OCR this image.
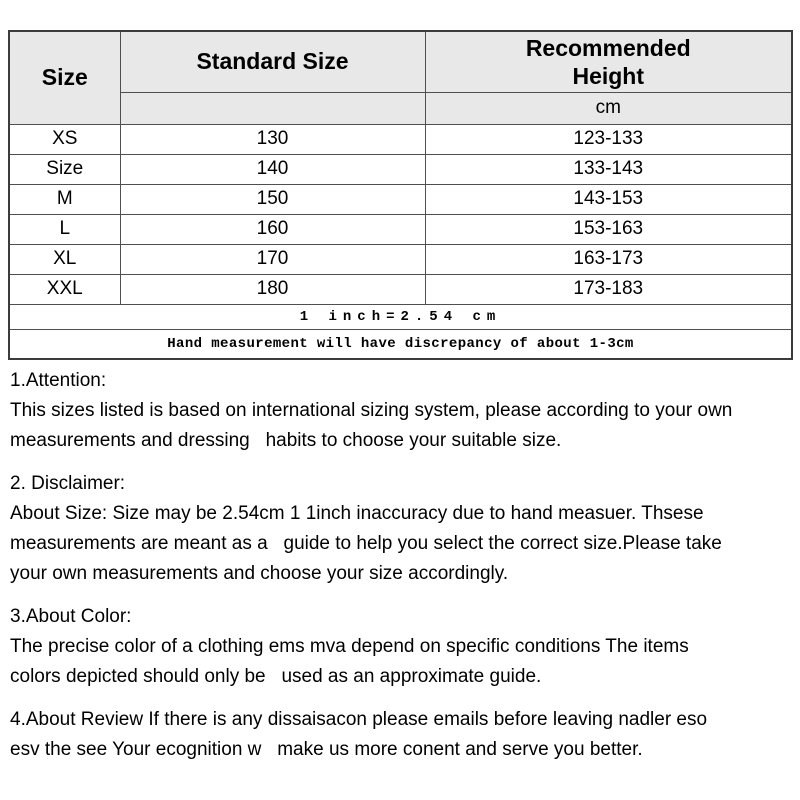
Size	Standard Size	Recommended Height

		cm
XS	130	123-133
Size	140	133-143
M	150	143-153
L	160	153-163
XL	170	163-173
XXL	180	173-183
1 inch=2.54 cm		
Hand measurement will have discrepancy of about 1-3cm		
1.Attention:
This sizes listed is based on international sizing system, please according to your own
measurements and dressing   habits to choose your suitable size.
2. Disclaimer:
About Size: Size may be 2.54cm 1 1inch inaccuracy due to hand measuer. Thsese
measurements are meant as a   guide to help you select the correct size.Please take
your own measurements and choose your size accordingly.
3.About Color:
The precise color of a clothing ems mva depend on specific conditions The items
colors depicted should only be   used as an approximate guide.
4.About Review If there is any dissaisacon please emails before leaving nadler eso
esv the see Your ecognition w   make us more conent and serve you better.
